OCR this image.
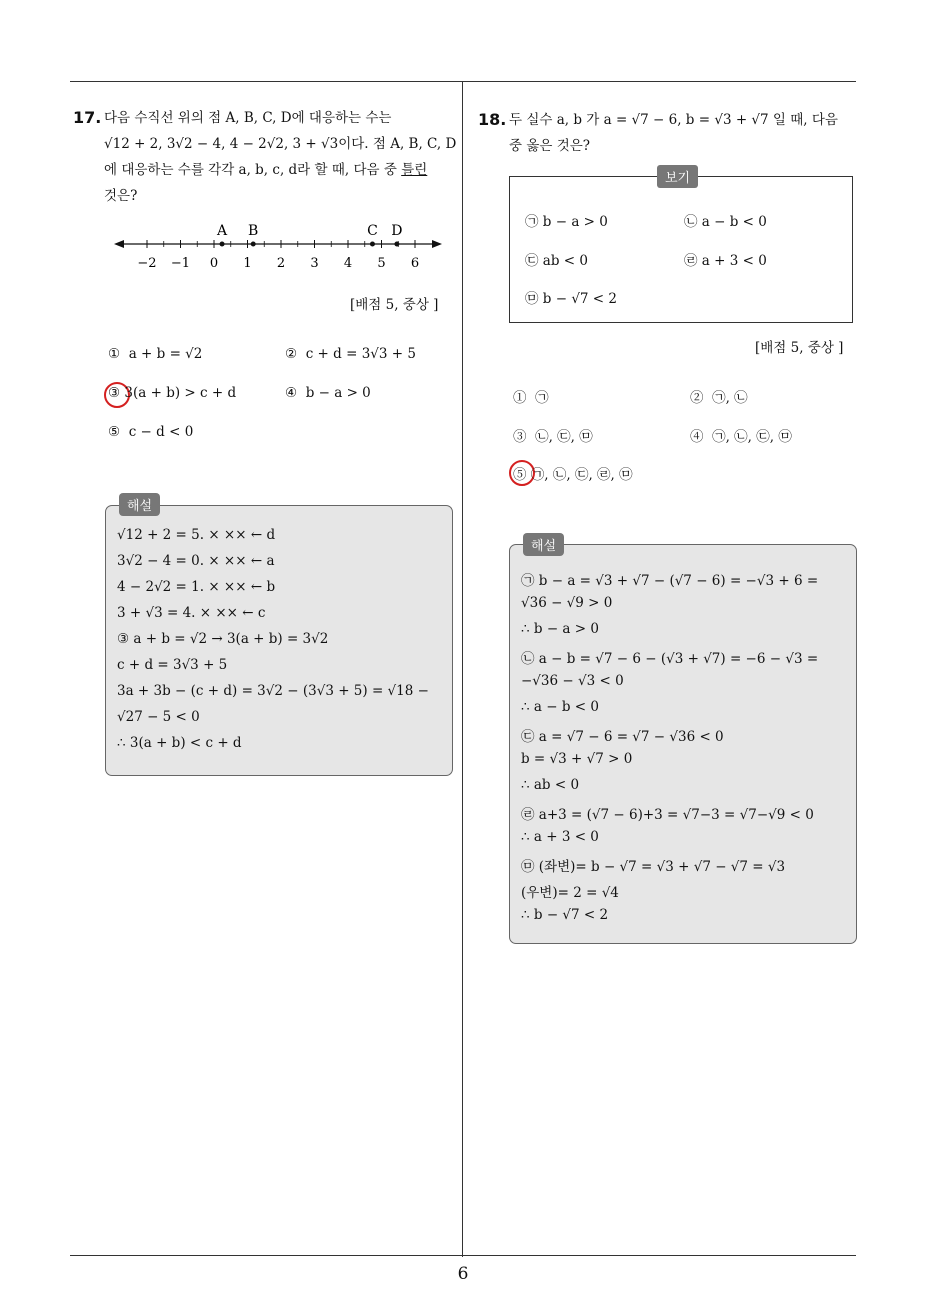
6
17. 다음 수직선 위의 점 A, B, C, D에 대응하는 수는
√12 + 2, 3√2 − 4, 4 − 2√2, 3 + √3이다. 점 A, B, C, D
에 대응하는 수를 각각 a, b, c, d라 할 때, 다음 중 틀린
것은?
−2 −1 0 1 2 3 4 5 6
A B	C D
[배점 5, 중상 ]
① a + b = √2	② c + d = 3√3 + 5
③ 3(a + b) > c + d	④ b − a > 0
⑤ c − d < 0
해설
√12 + 2 = 5. × ×× ← d
3√2 − 4 = 0. × ×× ← a
4 − 2√2 = 1. × ×× ← b
3 + √3 = 4. × ×× ← c
③ a + b = √2 → 3(a + b) = 3√2
c + d = 3√3 + 5
3a + 3b − (c + d) = 3√2 − (3√3 + 5) = √18 −
√27 − 5 < 0
∴ 3(a + b) < c + d
18. 두 실수 a, b 가 a = √7 − 6, b = √3 + √7 일 때, 다음
중 옳은 것은?
보기
㉠ b − a > 0	㉡ a − b < 0
㉢ ab < 0	㉣ a + 3 < 0
㉤ b − √7 < 2
[배점 5, 중상 ]
① ㉠	② ㉠, ㉡
③ ㉡, ㉢, ㉤	④ ㉠, ㉡, ㉢, ㉤
⑤ ㉠, ㉡, ㉢, ㉣, ㉤
해설
㉠ b − a = √3 + √7 − (√7 − 6) = −√3 + 6 =
√36 − √9 > 0
∴ b − a > 0
㉡ a − b = √7 − 6 − (√3 + √7) = −6 − √3 =
−√36 − √3 < 0
∴ a − b < 0
㉢ a = √7 − 6 = √7 − √36 < 0
b = √3 + √7 > 0
∴ ab < 0
㉣ a+3 = (√7 − 6)+3 = √7−3 = √7−√9 < 0
∴ a + 3 < 0
㉤ (좌변)= b − √7 = √3 + √7 − √7 = √3
(우변)= 2 = √4
∴ b − √7 < 2
